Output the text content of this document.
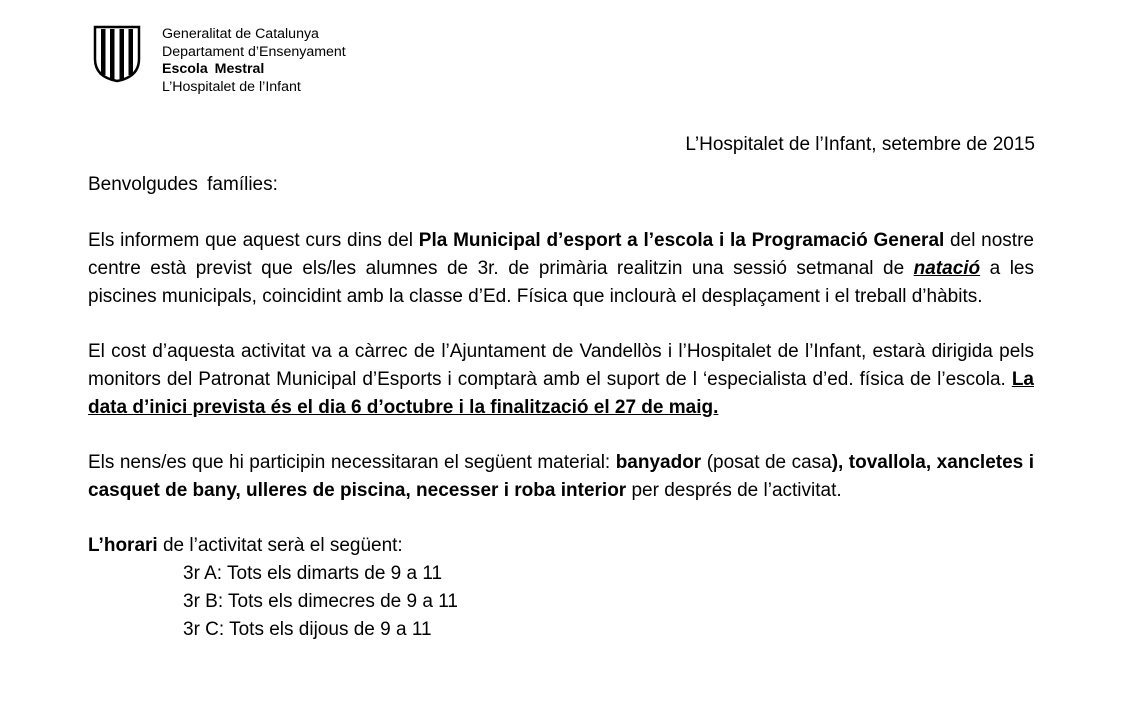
Generalitat de Catalunya
Departament d’Ensenyament
Escola Mestral
L’Hospitalet de l’Infant
L’Hospitalet de l’Infant, setembre de 2015

Benvolgudes famílies:

Els informem que aquest curs dins del Pla Municipal d’esport a l’escola i la Programació General del nostre centre està previst que els/les alumnes de 3r. de primària realitzin una sessió setmanal de natació a les piscines municipals, coincidint amb la classe d’Ed. Física que inclourà el desplaçament i el treball d’hàbits.

El cost d’aquesta activitat va a càrrec de l’Ajuntament de Vandellòs i l’Hospitalet de l’Infant, estarà dirigida pels monitors del Patronat Municipal d’Esports i comptarà amb el suport de l ‘especialista d’ed. física de l’escola. La data d’inici prevista és el dia 6 d’octubre i la finalització el 27 de maig.

Els nens/es que hi participin necessitaran el següent material: banyador (posat de casa), tovallola, xancletes i casquet de bany, ulleres de piscina, necesser i roba interior per després de l’activitat.

L’horari de l’activitat serà el següent:

3r A: Tots els dimarts de 9 a 11

3r B: Tots els dimecres de 9 a 11

3r C: Tots els dijous de 9 a 11
